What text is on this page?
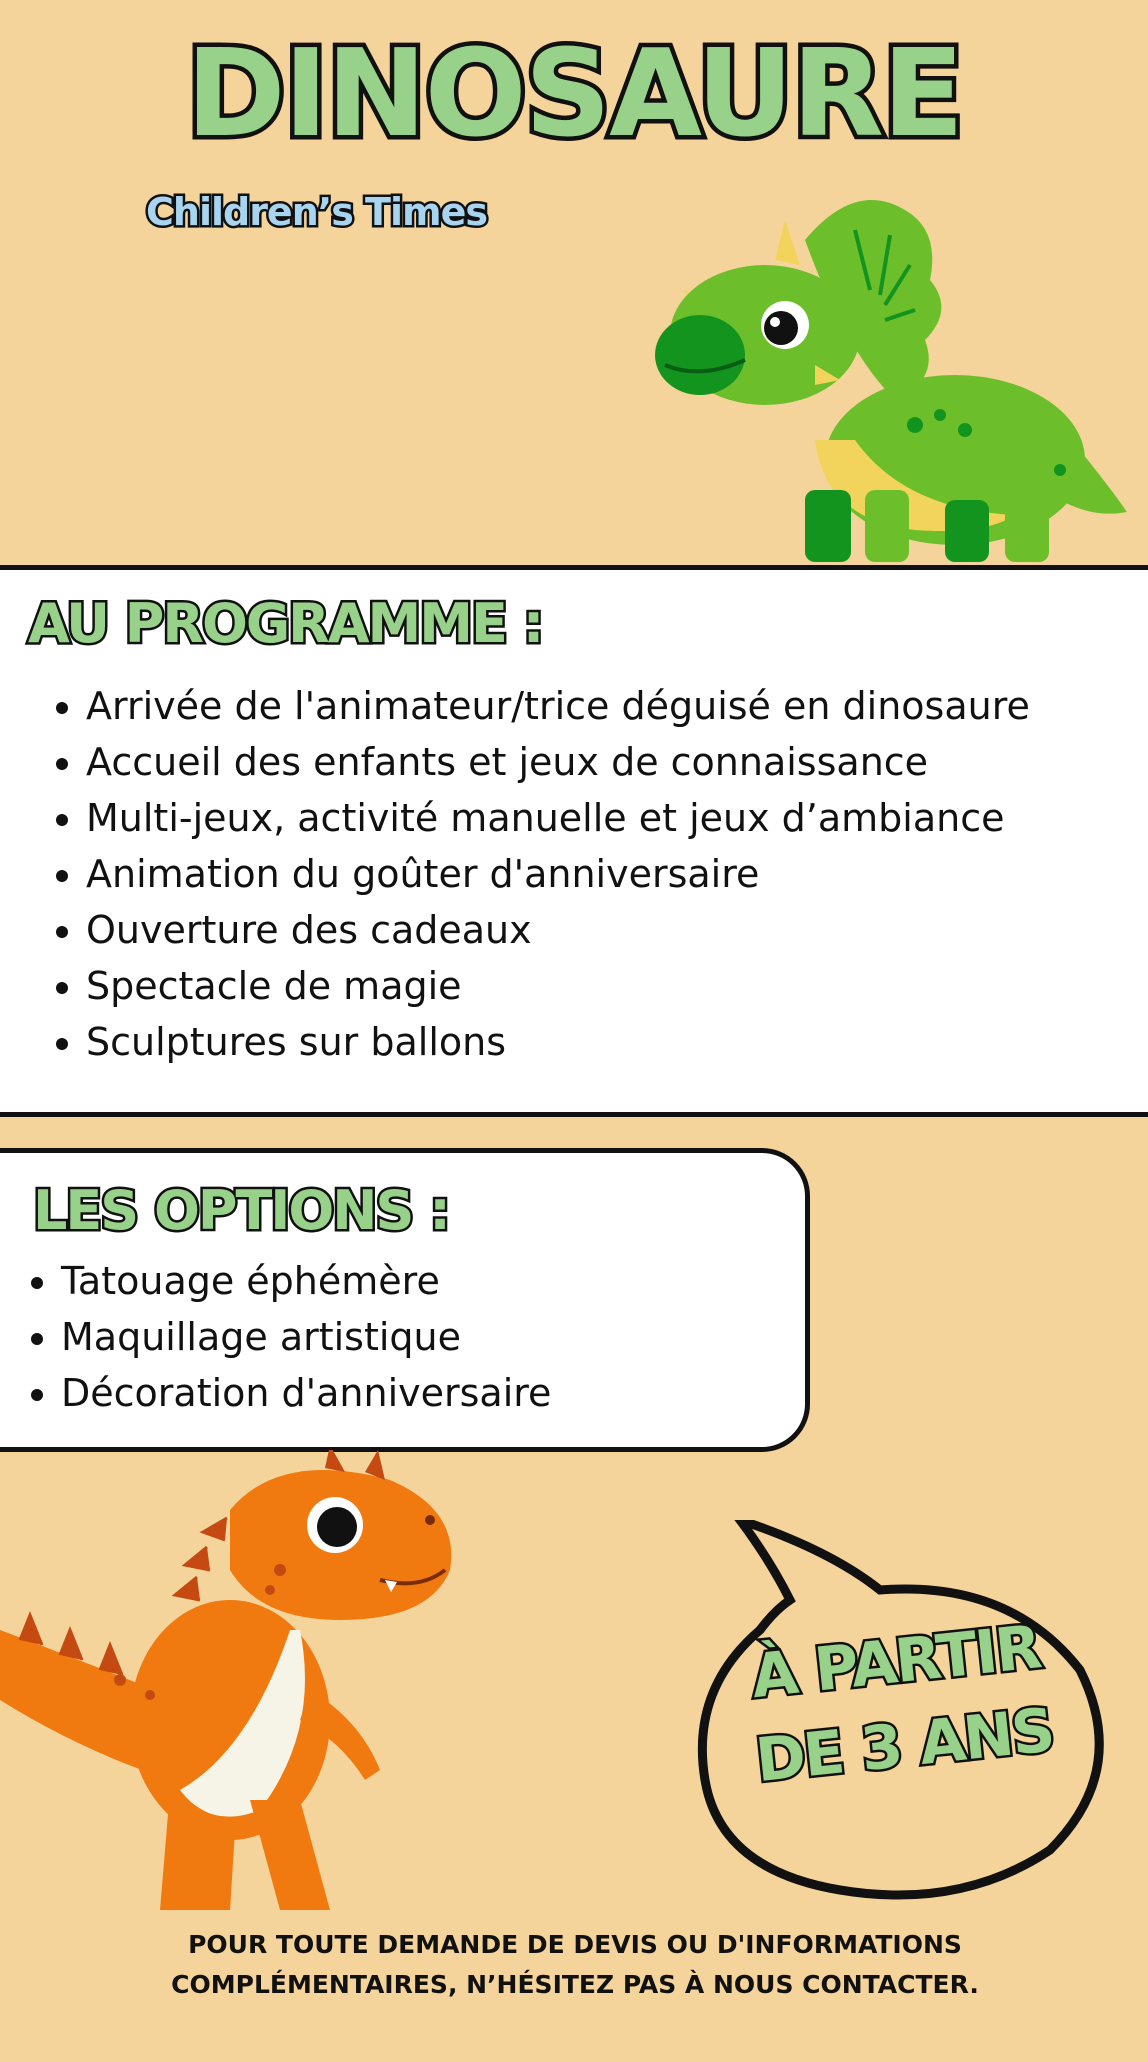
DINOSAURE
Children’s Times
AU PROGRAMME :
• Arrivée de l'animateur/trice déguisé en dinosaure
• Accueil des enfants et jeux de connaissance
• Multi-jeux, activité manuelle et jeux d’ambiance
• Animation du goûter d'anniversaire
• Ouverture des cadeaux
• Spectacle de magie
• Sculptures sur ballons
LES OPTIONS :
• Tatouage éphémère
• Maquillage artistique
• Décoration d'anniversaire
À PARTIR
DE 3 ANS
POUR TOUTE DEMANDE DE DEVIS OU D'INFORMATIONS
COMPLÉMENTAIRES, N’HÉSITEZ PAS À NOUS CONTACTER.
